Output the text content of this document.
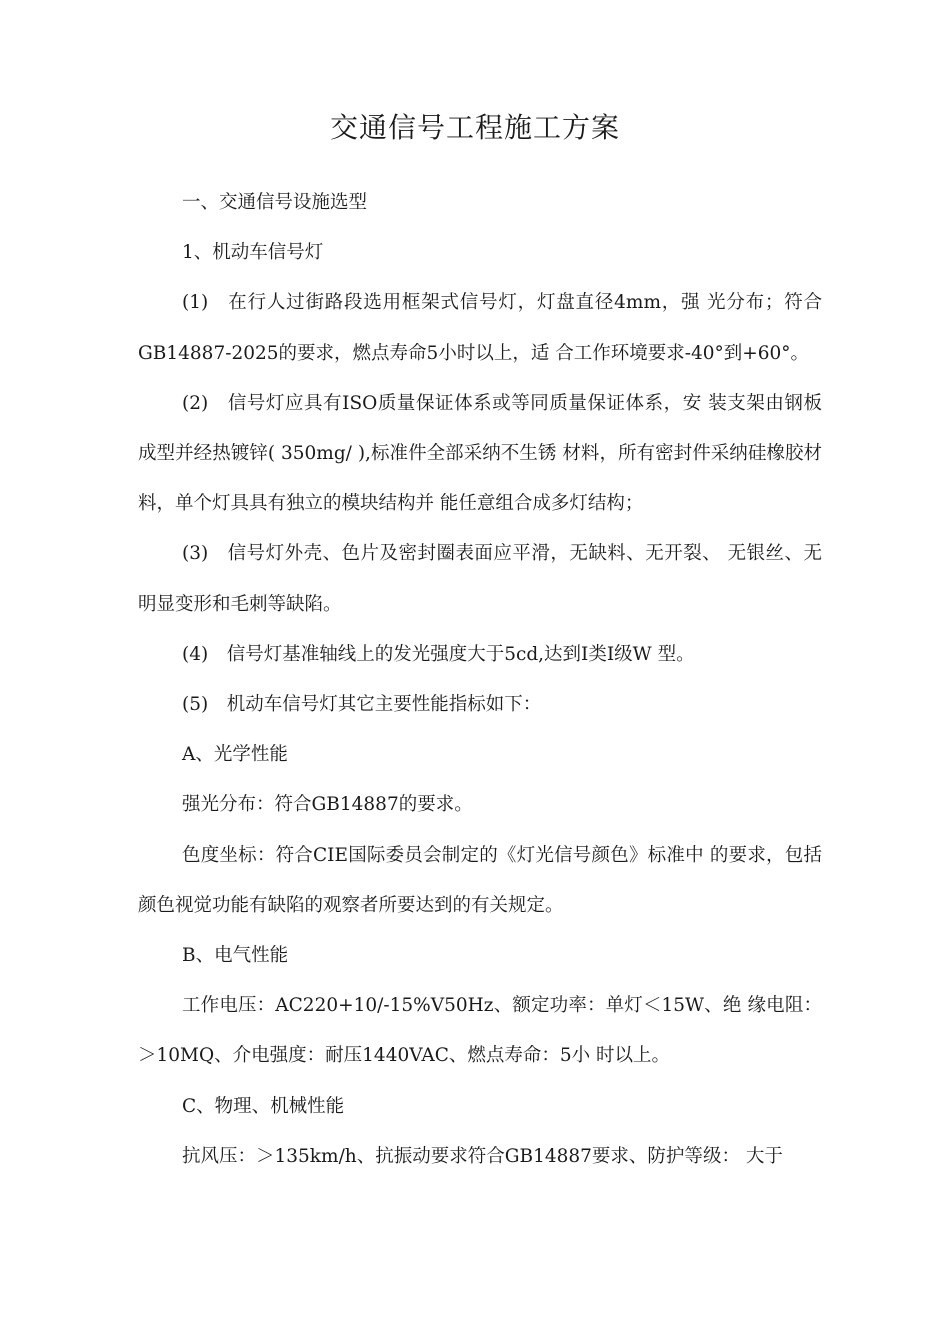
交通信号工程施工方案

一、交通信号设施选型

1、机动车信号灯

(1)　在行人过街路段选用框架式信号灯，灯盘直径4mm，强 光分布；符合GB14887-2025的要求，燃点寿命5小时以上，适 合工作环境要求-40°到+60°。

(2)　信号灯应具有ISO质量保证体系或等同质量保证体系，安 装支架由钢板成型并经热镀锌( 350mg/ ),标准件全部采纳不生锈 材料，所有密封件采纳硅橡胶材料，单个灯具具有独立的模块结构并 能任意组合成多灯结构；

(3)　信号灯外壳、色片及密封圈表面应平滑，无缺料、无开裂、 无银丝、无明显变形和毛刺等缺陷。

(4)　信号灯基准轴线上的发光强度大于5cd,达到Ⅰ类Ⅰ级W 型。

(5)　机动车信号灯其它主要性能指标如下：

A、光学性能

强光分布：符合GB14887的要求。

色度坐标：符合CIE国际委员会制定的《灯光信号颜色》标准中 的要求，包括颜色视觉功能有缺陷的观察者所要达到的有关规定。

B、电气性能

工作电压：AC220+10/-15%V50Hz、额定功率：单灯＜15W、绝 缘电阻：＞10MQ、介电强度：耐压1440VAC、燃点寿命：5小 时以上。

C、物理、机械性能

抗风压：＞135km/h、抗振动要求符合GB14887要求、防护等级： 大于
